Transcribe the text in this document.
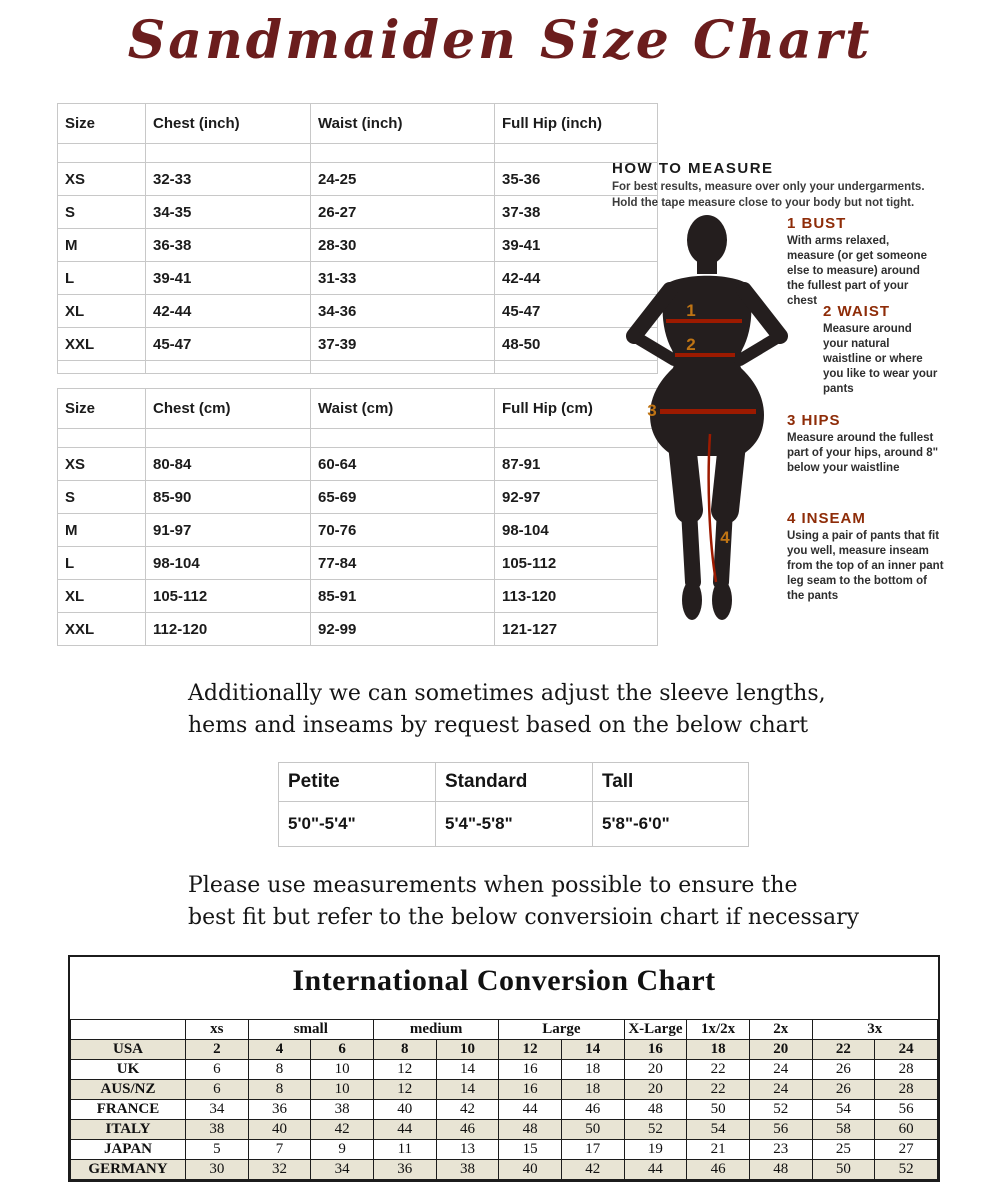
Sandmaiden Size Chart
Size	Chest (inch)	Waist (inch)	Full Hip (inch)

XS	32-33	24-25	35-36
S	34-35	26-27	37-38
M	36-38	28-30	39-41
L	39-41	31-33	42-44
XL	42-44	34-36	45-47
XXL	45-47	37-39	48-50

Size	Chest (cm)	Waist (cm)	Full Hip (cm)

XS	80-84	60-64	87-91
S	85-90	65-69	92-97
M	91-97	70-76	98-104
L	98-104	77-84	105-112
XL	105-112	85-91	113-120
XXL	112-120	92-99	121-127
HOW TO MEASURE
For best results, measure over only your undergarments.
Hold the tape measure close to your body but not tight.
1
2
3
4
1 BUST
With arms relaxed, measure (or get someone else to measure) around the fullest part of your chest
2 WAIST
Measure around your natural waistline or where you like to wear your pants
3 HIPS
Measure around the fullest part of your hips, around 8" below your waistline
4 INSEAM
Using a pair of pants that fit you well, measure inseam from the top of an inner pant leg seam to the bottom of the pants
Additionally we can sometimes adjust the sleeve lengths,
hems and inseams by request based on the below chart
Petite	Standard	Tall
5'0"-5'4"	5'4"-5'8"	5'8"-6'0"
Please use measurements when possible to ensure the
best fit but refer to the below conversioin chart if necessary
International Conversion Chart
	xs	small		medium		Large		X-Large	1x/2x	2x	3x	
USA	2	4	6	8	10	12	14	16	18	20	22	24
UK	6	8	10	12	14	16	18	20	22	24	26	28
AUS/NZ	6	8	10	12	14	16	18	20	22	24	26	28
FRANCE	34	36	38	40	42	44	46	48	50	52	54	56
ITALY	38	40	42	44	46	48	50	52	54	56	58	60
JAPAN	5	7	9	11	13	15	17	19	21	23	25	27
GERMANY	30	32	34	36	38	40	42	44	46	48	50	52
